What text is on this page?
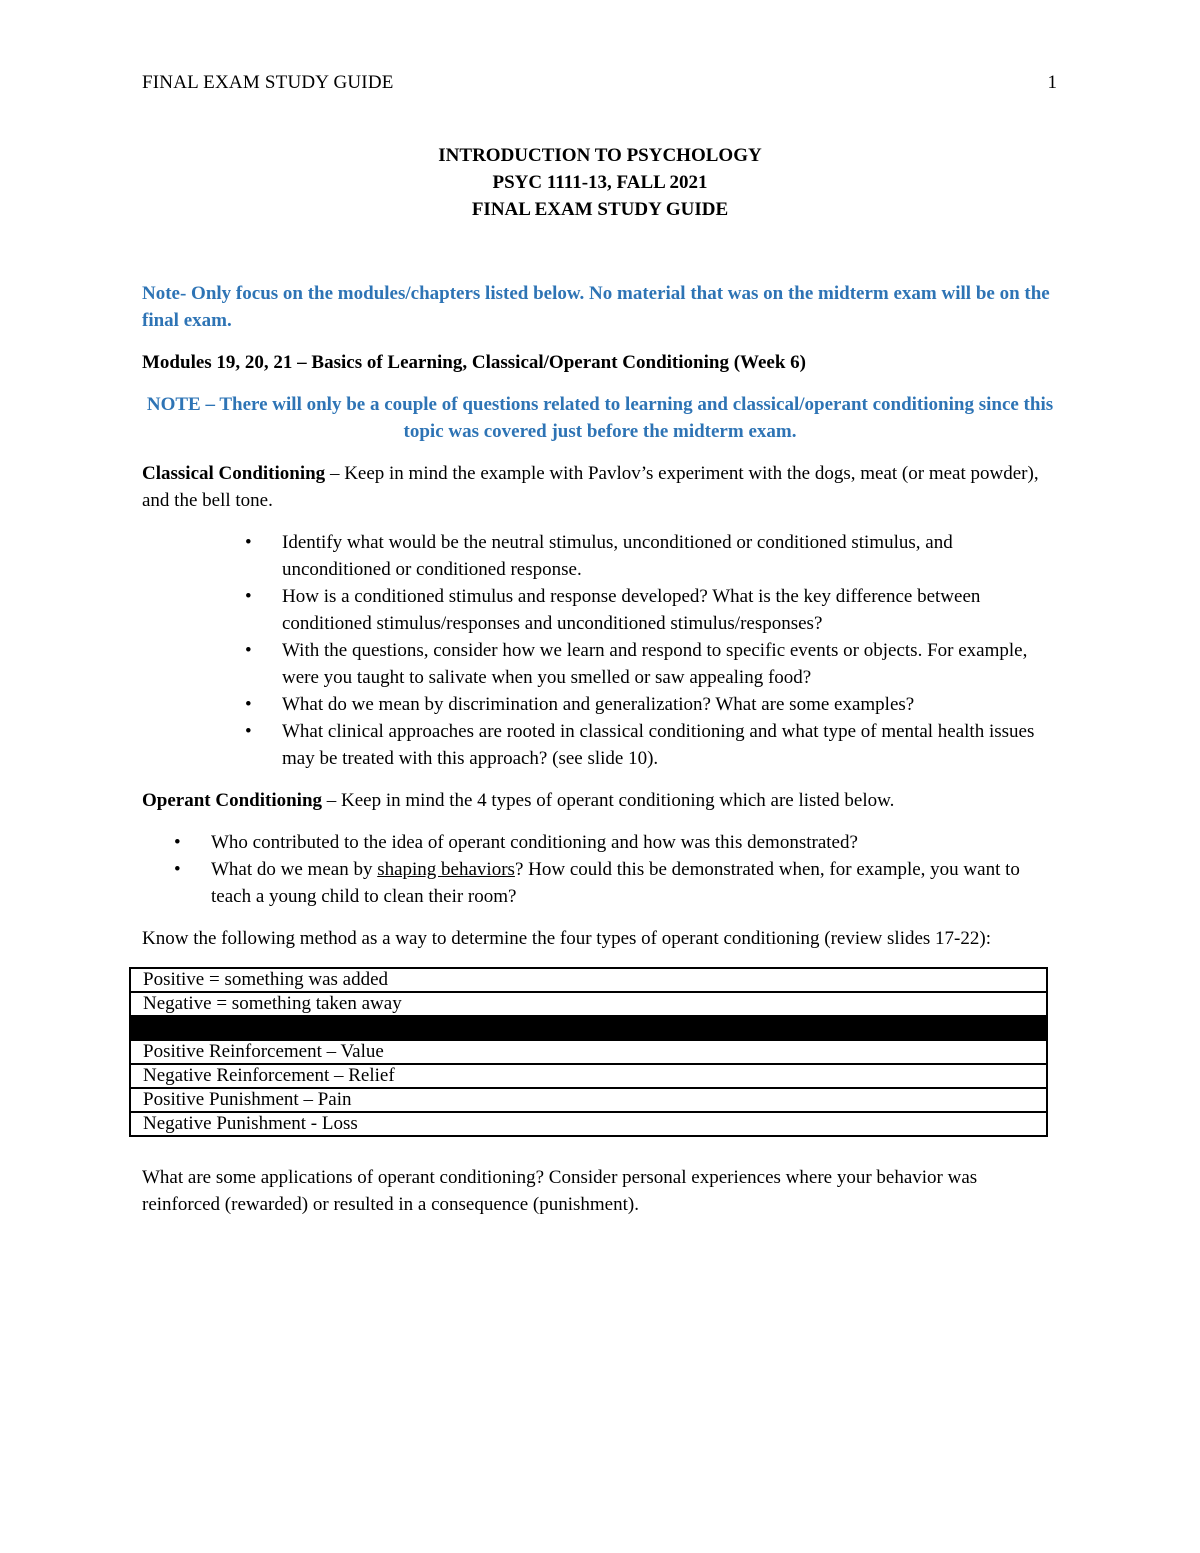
FINAL EXAM STUDY GUIDE	1
INTRODUCTION TO PSYCHOLOGY
PSYC 1111-13, FALL 2021
FINAL EXAM STUDY GUIDE

Note- Only focus on the modules/chapters listed below. No material that was on the midterm exam will be on the final exam.

Modules 19, 20, 21 – Basics of Learning, Classical/Operant Conditioning (Week 6)

NOTE – There will only be a couple of questions related to learning and classical/operant conditioning since this topic was covered just before the midterm exam.

Classical Conditioning – Keep in mind the example with Pavlov’s experiment with the dogs, meat (or meat powder), and the bell tone.

• Identify what would be the neutral stimulus, unconditioned or conditioned stimulus, and unconditioned or conditioned response.
• How is a conditioned stimulus and response developed? What is the key difference between conditioned stimulus/responses and unconditioned stimulus/responses?
• With the questions, consider how we learn and respond to specific events or objects. For example, were you taught to salivate when you smelled or saw appealing food?
• What do we mean by discrimination and generalization? What are some examples?
• What clinical approaches are rooted in classical conditioning and what type of mental health issues may be treated with this approach? (see slide 10).

Operant Conditioning – Keep in mind the 4 types of operant conditioning which are listed below.

• Who contributed to the idea of operant conditioning and how was this demonstrated?
• What do we mean by shaping behaviors? How could this be demonstrated when, for example, you want to teach a young child to clean their room?

Know the following method as a way to determine the four types of operant conditioning (review slides 17-22):

Positive = something was added
Negative = something taken away

Positive Reinforcement – Value
Negative Reinforcement – Relief
Positive Punishment – Pain
Negative Punishment - Loss

What are some applications of operant conditioning? Consider personal experiences where your behavior was reinforced (rewarded) or resulted in a consequence (punishment).
